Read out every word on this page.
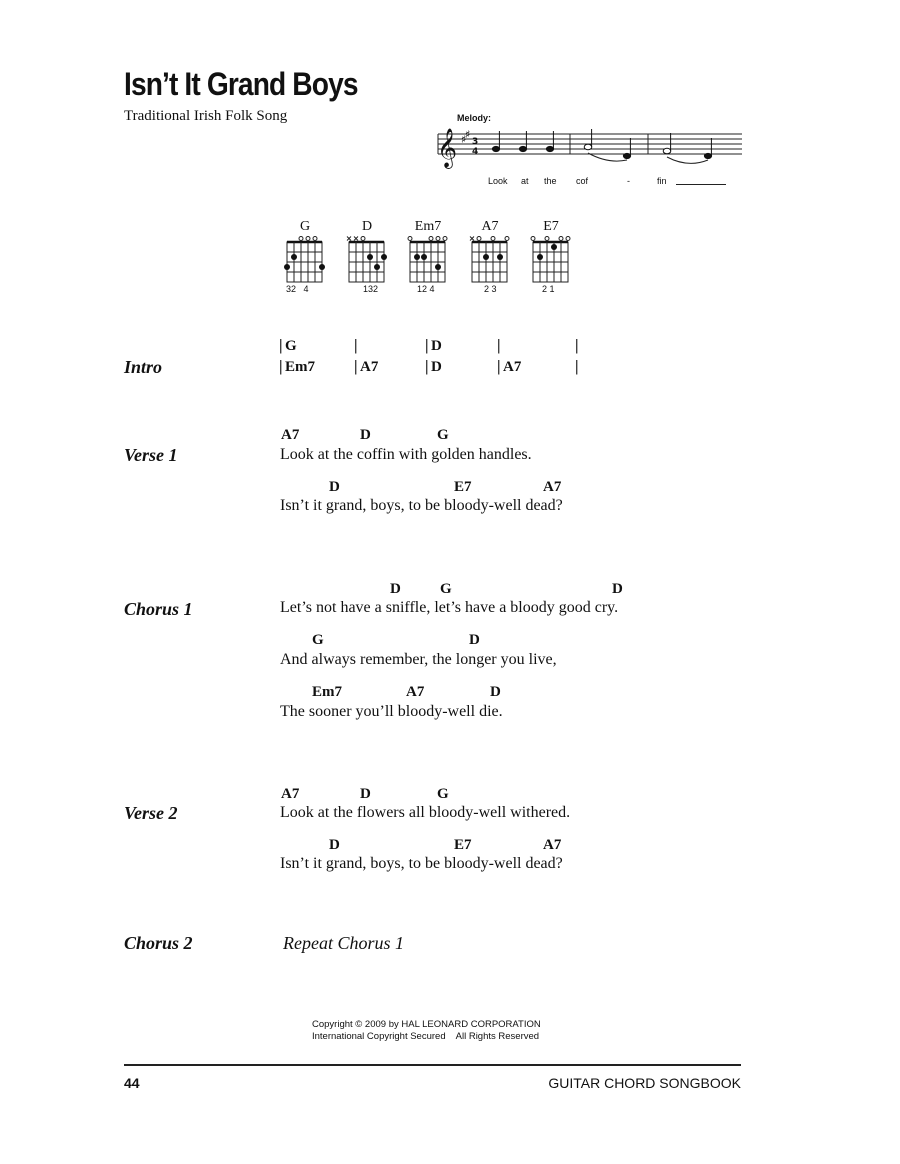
Isn’t It Grand Boys
Traditional Irish Folk Song	Melody:
𝄞 ♯
♯
3
4
Look at the cof	-	fin
G	D	Em7	A7	E7
32   4	132	12 4	2 3	2 1
Intro
| G	|	| D	|	|
| Em7 | A7	| D	| A7	|
Verse 1
A7	D	G
Look at the coffin with golden handles.
D	E7	A7
Isn’t it grand, boys, to be bloody-well dead?
Chorus 1
D	G	D
Let’s not have a sniffle, let’s have a bloody good cry.
G	D
And always remember, the longer you live,
Em7	A7	D
The sooner you’ll bloody-well die.
Verse 2
A7	D	G
Look at the flowers all bloody-well withered.
D	E7	A7
Isn’t it grand, boys, to be bloody-well dead?
Chorus 2	Repeat Chorus 1
Copyright © 2009 by HAL LEONARD CORPORATION
International Copyright Secured    All Rights Reserved
44	GUITAR CHORD SONGBOOK
